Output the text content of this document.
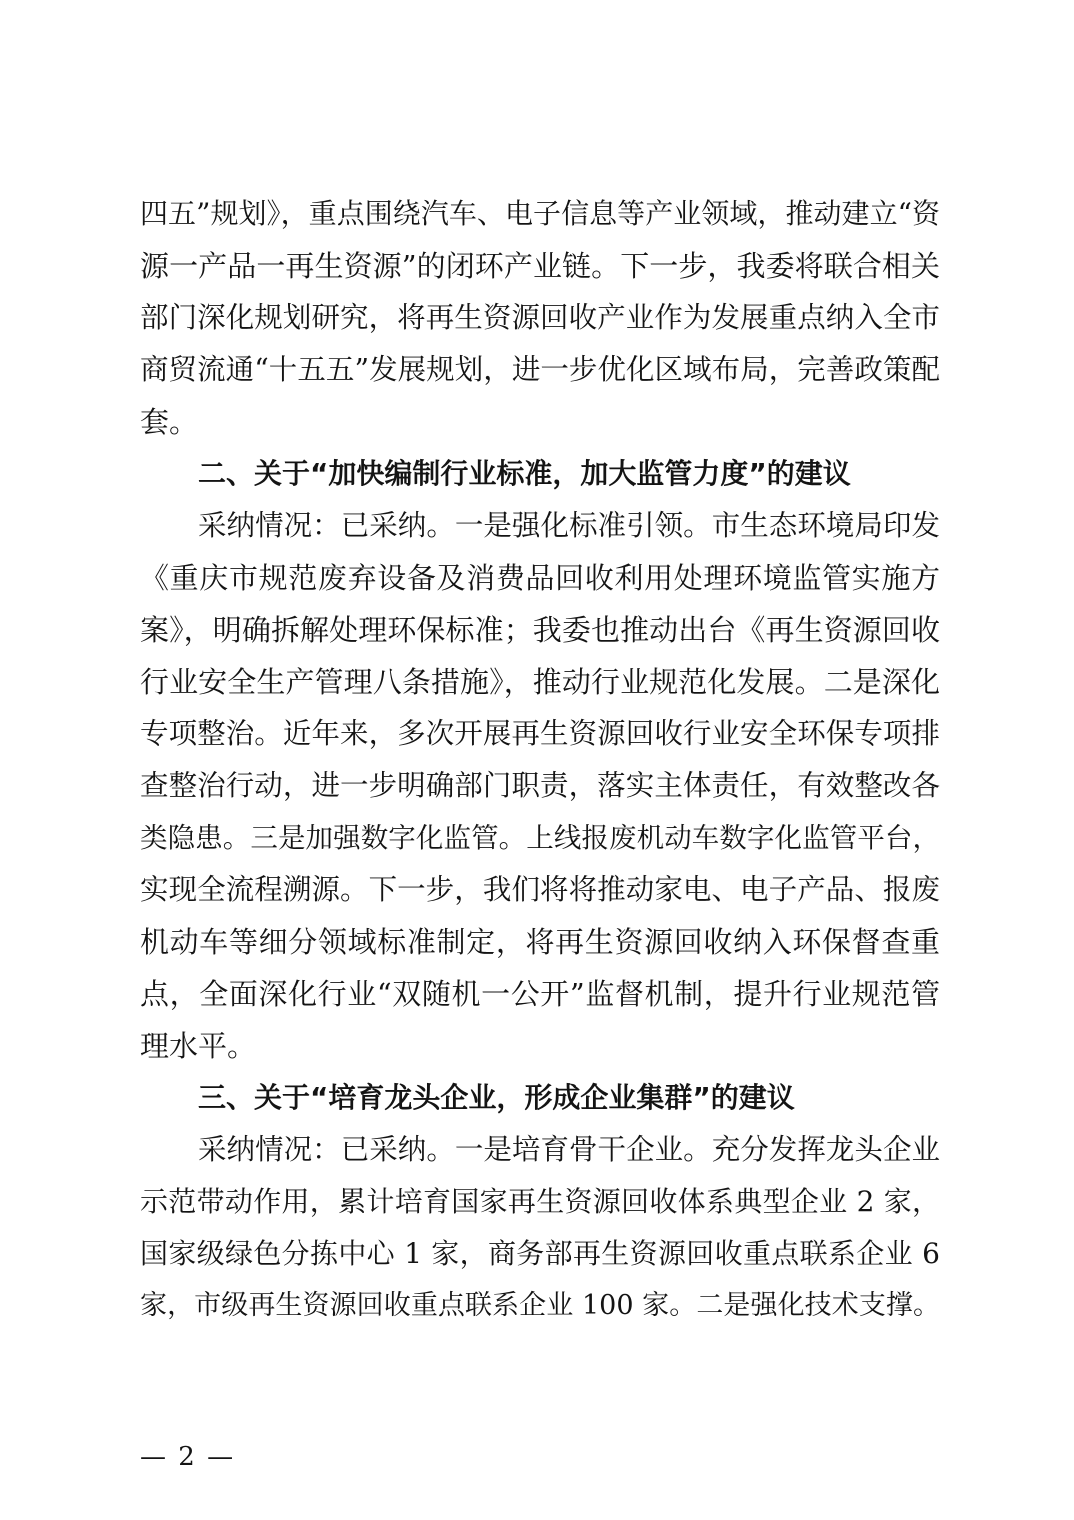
四五”规划》，重点围绕汽车、电子信息等产业领域，推动建立“资
源一产品一再生资源”的闭环产业链。下一步，我委将联合相关
部门深化规划研究，将再生资源回收产业作为发展重点纳入全市
商贸流通“十五五”发展规划，进一步优化区域布局，完善政策配
套。
二、关于“加快编制行业标准，加大监管力度”的建议
采纳情况：已采纳。一是强化标准引领。市生态环境局印发
《重庆市规范废弃设备及消费品回收利用处理环境监管实施方
案》，明确拆解处理环保标准；我委也推动出台《再生资源回收
行业安全生产管理八条措施》，推动行业规范化发展。二是深化
专项整治。近年来，多次开展再生资源回收行业安全环保专项排
查整治行动，进一步明确部门职责，落实主体责任，有效整改各
类隐患。三是加强数字化监管。上线报废机动车数字化监管平台，
实现全流程溯源。下一步，我们将将推动家电、电子产品、报废
机动车等细分领域标准制定，将再生资源回收纳入环保督查重
点，全面深化行业“双随机一公开”监督机制，提升行业规范管
理水平。
三、关于“培育龙头企业，形成企业集群”的建议
采纳情况：已采纳。一是培育骨干企业。充分发挥龙头企业
示范带动作用，累计培育国家再生资源回收体系典型企业 2 家，
国家级绿色分拣中心 1 家，商务部再生资源回收重点联系企业 6
家，市级再生资源回收重点联系企业 100 家。二是强化技术支撑。
— 2 —
